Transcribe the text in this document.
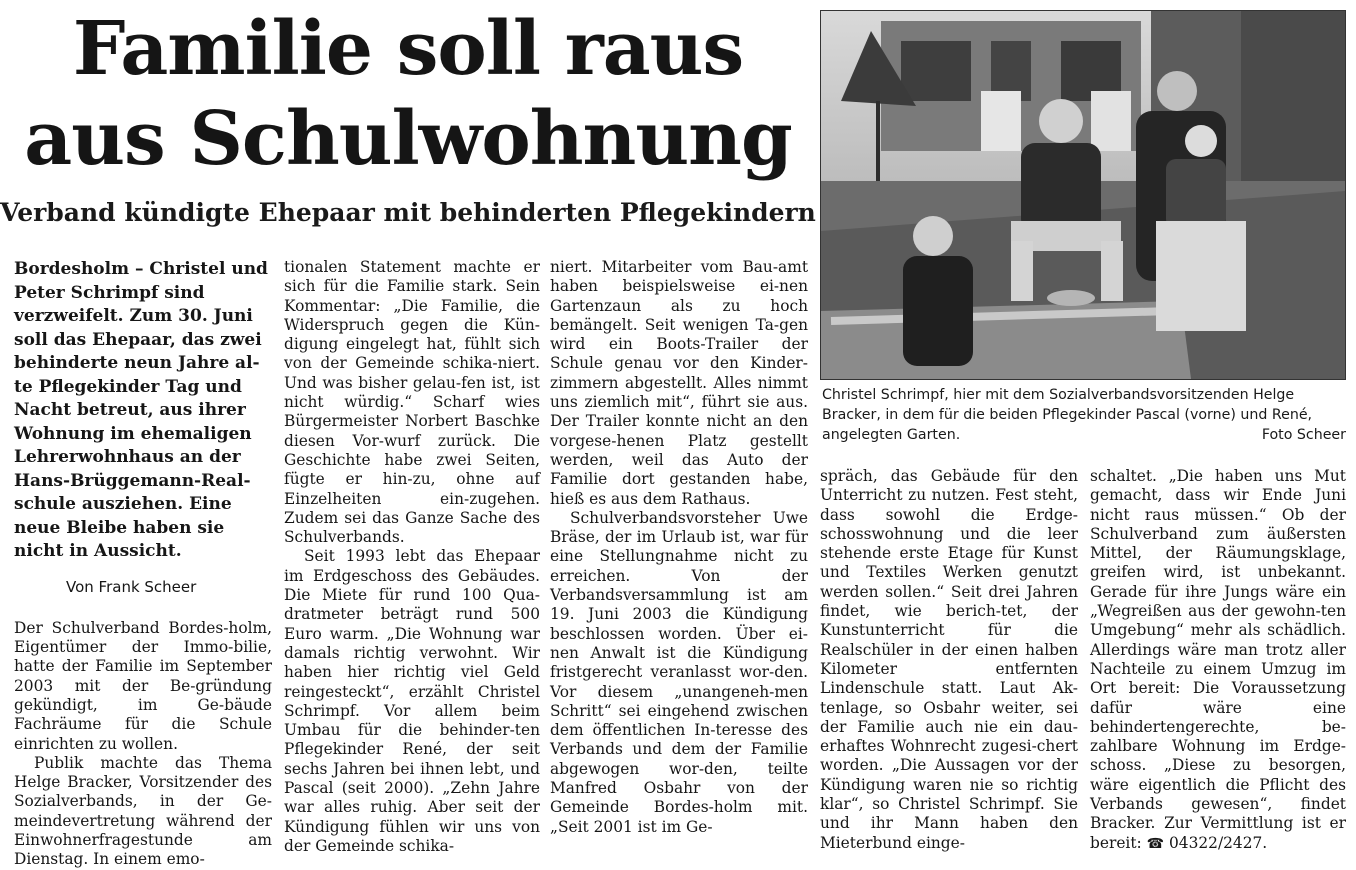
Familie soll raus
aus Schulwohnung
Verband kündigte Ehepaar mit behinderten Pflegekindern
Christel Schrimpf, hier mit dem Sozialverbandsvorsitzenden Helge Bracker, in dem für die beiden Pflegekinder Pascal (vorne) und René, angelegten Garten.	Foto Scheer

Bordesholm – Christel und Peter Schrimpf sind verzweifelt. Zum 30. Juni soll das Ehepaar, das zwei behinderte neun Jahre al-te Pflegekinder Tag und Nacht betreut, aus ihrer Wohnung im ehemaligen Lehrerwohnhaus an der Hans-Brüggemann-Real-schule ausziehen. Eine neue Bleibe haben sie nicht in Aussicht.

Von Frank Scheer

Der Schulverband Bordes-holm, Eigentümer der Immo-bilie, hatte der Familie im September 2003 mit der Be-gründung gekündigt, im Ge-bäude Fachräume für die Schule einrichten zu wollen.

Publik machte das Thema Helge Bracker, Vorsitzender des Sozialverbands, in der Ge-meindevertretung während der Einwohnerfragestunde am Dienstag. In einem emo-

tionalen Statement machte er sich für die Familie stark. Sein Kommentar: „Die Familie, die Widerspruch gegen die Kün-digung eingelegt hat, fühlt sich von der Gemeinde schika-niert. Und was bisher gelau-fen ist, ist nicht würdig.“ Scharf wies Bürgermeister Norbert Baschke diesen Vor-wurf zurück. Die Geschichte habe zwei Seiten, fügte er hin-zu, ohne auf Einzelheiten ein-zugehen. Zudem sei das Ganze Sache des Schulverbands.

Seit 1993 lebt das Ehepaar im Erdgeschoss des Gebäudes. Die Miete für rund 100 Qua-dratmeter beträgt rund 500 Euro warm. „Die Wohnung war damals richtig verwohnt. Wir haben hier richtig viel Geld reingesteckt“, erzählt Christel Schrimpf. Vor allem beim Umbau für die behinder-ten Pflegekinder René, der seit sechs Jahren bei ihnen lebt, und Pascal (seit 2000). „Zehn Jahre war alles ruhig. Aber seit der Kündigung fühlen wir uns von der Gemeinde schika-

niert. Mitarbeiter vom Bau-amt haben beispielsweise ei-nen Gartenzaun als zu hoch bemängelt. Seit wenigen Ta-gen wird ein Boots-Trailer der Schule genau vor den Kinder-zimmern abgestellt. Alles nimmt uns ziemlich mit“, führt sie aus. Der Trailer konnte nicht an den vorgese-henen Platz gestellt werden, weil das Auto der Familie dort gestanden habe, hieß es aus dem Rathaus.

Schulverbandsvorsteher Uwe Bräse, der im Urlaub ist, war für eine Stellungnahme nicht zu erreichen. Von der Verbandsversammlung ist am 19. Juni 2003 die Kündigung beschlossen worden. Über ei-nen Anwalt ist die Kündigung fristgerecht veranlasst wor-den. Vor diesem „unangeneh-men Schritt“ sei eingehend zwischen dem öffentlichen In-teresse des Verbands und dem der Familie abgewogen wor-den, teilte Manfred Osbahr von der Gemeinde Bordes-holm mit. „Seit 2001 ist im Ge-

spräch, das Gebäude für den Unterricht zu nutzen. Fest steht, dass sowohl die Erdge-schosswohnung und die leer stehende erste Etage für Kunst und Textiles Werken genutzt werden sollen.“ Seit drei Jahren findet, wie berich-tet, der Kunstunterricht für die Realschüler in der einen halben Kilometer entfernten Lindenschule statt. Laut Ak-tenlage, so Osbahr weiter, sei der Familie auch nie ein dau-erhaftes Wohnrecht zugesi-chert worden. „Die Aussagen vor der Kündigung waren nie so richtig klar“, so Christel Schrimpf. Sie und ihr Mann haben den Mieterbund einge-

schaltet. „Die haben uns Mut gemacht, dass wir Ende Juni nicht raus müssen.“ Ob der Schulverband zum äußersten Mittel, der Räumungsklage, greifen wird, ist unbekannt. Gerade für ihre Jungs wäre ein „Wegreißen aus der gewohn-ten Umgebung“ mehr als schädlich. Allerdings wäre man trotz aller Nachteile zu einem Umzug im Ort bereit: Die Voraussetzung dafür wäre eine behindertengerechte, be-zahlbare Wohnung im Erdge-schoss. „Diese zu besorgen, wäre eigentlich die Pflicht des Verbands gewesen“, findet Bracker. Zur Vermittlung ist er bereit: ☎ 04322/2427.
